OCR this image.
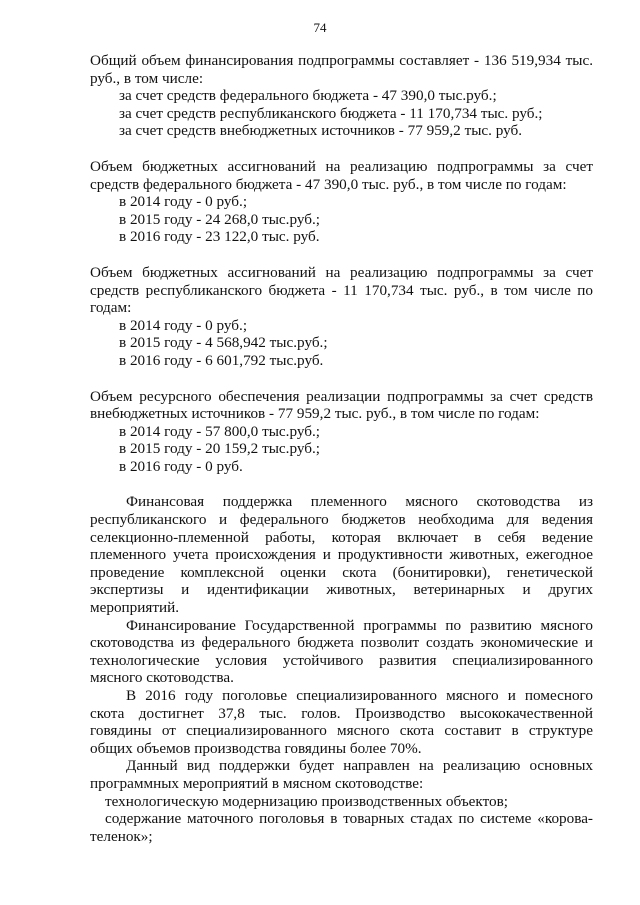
74

Общий объем финансирования подпрограммы составляет - 136 519,934 тыс. руб., в том числе:

за счет средств федерального бюджета - 47 390,0 тыс.руб.;

за счет средств республиканского бюджета - 11 170,734 тыс. руб.;

за счет средств внебюджетных источников - 77 959,2 тыс. руб.

Объем бюджетных ассигнований на реализацию подпрограммы за счет средств федерального бюджета - 47 390,0 тыс. руб., в том числе по годам:

в 2014 году - 0 руб.;

в 2015 году - 24 268,0 тыс.руб.;

в 2016 году - 23 122,0 тыс. руб.

Объем бюджетных ассигнований на реализацию подпрограммы за счет средств республиканского бюджета - 11 170,734 тыс. руб., в том числе по годам:

в 2014 году - 0 руб.;

в 2015 году - 4 568,942 тыс.руб.;

в 2016 году - 6 601,792 тыс.руб.

Объем ресурсного обеспечения реализации подпрограммы за счет средств внебюджетных источников - 77 959,2 тыс. руб., в том числе по годам:

в 2014 году - 57 800,0 тыс.руб.;

в 2015 году - 20 159,2 тыс.руб.;

в 2016 году - 0 руб.

Финансовая поддержка племенного мясного скотоводства из республиканского и федерального бюджетов необходима для ведения селекционно-племенной работы, которая включает в себя ведение племенного учета происхождения и продуктивности животных, ежегодное проведение комплексной оценки скота (бонитировки), генетической экспертизы и идентификации животных, ветеринарных и других мероприятий.

Финансирование Государственной программы по развитию мясного скотоводства из федерального бюджета позволит создать экономические и технологические условия устойчивого развития специализированного мясного скотоводства.

В 2016 году поголовье специализированного мясного и помесного скота достигнет 37,8 тыс. голов. Производство высококачественной говядины от специализированного мясного скота составит в структуре общих объемов производства говядины более 70%.

Данный вид поддержки будет направлен на реализацию основных программных мероприятий в мясном скотоводстве:

технологическую модернизацию производственных объектов;

содержание маточного поголовья в товарных стадах по системе «корова-теленок»;
